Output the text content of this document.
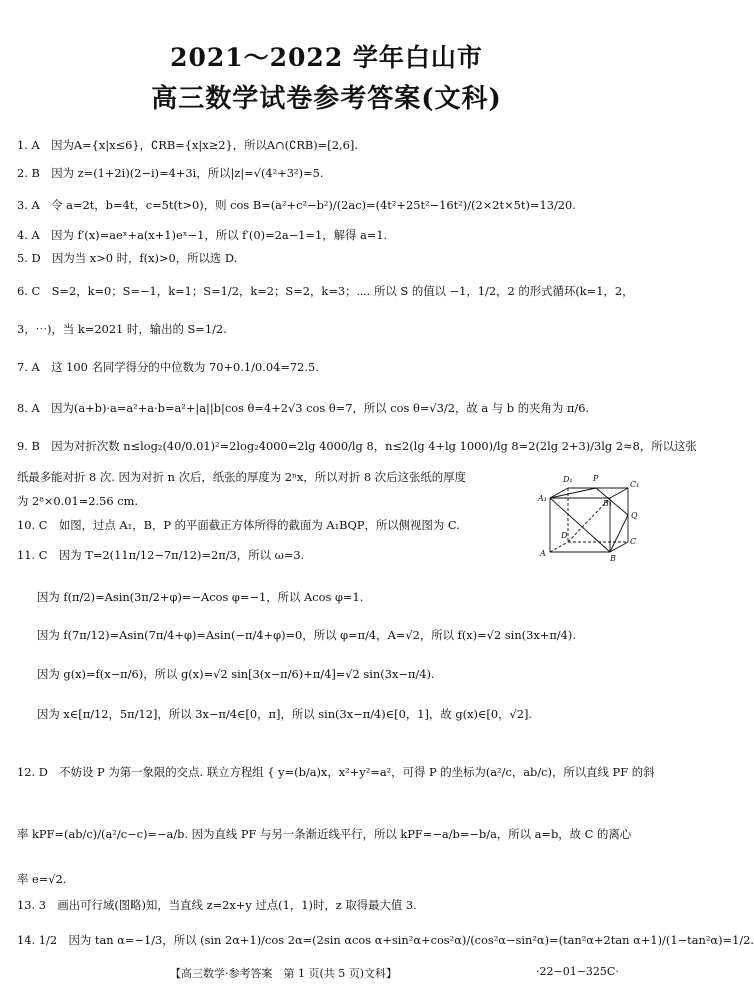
2021～2022 学年白山市
高三数学试卷参考答案(文科)
1. A　因为A={x|x≤6}，∁RB={x|x≥2}，所以A∩(∁RB)=[2,6].
2. B　因为 z=(1+2i)(2−i)=4+3i，所以|z|=√(4²+3²)=5.
3. A　令 a=2t，b=4t，c=5t(t>0)，则 cos B=(a²+c²−b²)/(2ac)=(4t²+25t²−16t²)/(2×2t×5t)=13/20.
4. A　因为 f′(x)=aeˣ+a(x+1)eˣ−1，所以 f′(0)=2a−1=1，解得 a=1.
5. D　因为当 x>0 时，f(x)>0，所以选 D.
6. C　S=2，k=0；S=−1，k=1；S=1/2，k=2；S=2，k=3；⋯. 所以 S 的值以 −1，1/2，2 的形式循环(k=1，2，
3，⋯)，当 k=2021 时，输出的 S=1/2.
7. A　这 100 名同学得分的中位数为 70+0.1/0.04=72.5.
8. A　因为(a+b)·a=a²+a·b=a²+|a||b|cos θ=4+2√3 cos θ=7，所以 cos θ=√3/2，故 a 与 b 的夹角为 π/6.
9. B　因为对折次数 n≤log₂(40/0.01)²=2log₂4000=2lg 4000/lg 8，n≤2(lg 4+lg 1000)/lg 8=2(2lg 2+3)/3lg 2≈8，所以这张
纸最多能对折 8 次. 因为对折 n 次后，纸张的厚度为 2ⁿx，所以对折 8 次后这张纸的厚度
为 2⁸×0.01=2.56 cm.
10. C　如图，过点 A₁，B，P 的平面截正方体所得的截面为 A₁BQP，所以侧视图为 C.
11. C　因为 T=2(11π/12−7π/12)=2π/3，所以 ω=3.
因为 f(π/2)=Asin(3π/2+φ)=−Acos φ=−1，所以 Acos φ=1.
因为 f(7π/12)=Asin(7π/4+φ)=Asin(−π/4+φ)=0，所以 φ=π/4，A=√2，所以 f(x)=√2 sin(3x+π/4).
因为 g(x)=f(x−π/6)，所以 g(x)=√2 sin[3(x−π/6)+π/4]=√2 sin(3x−π/4).
因为 x∈[π/12，5π/12]，所以 3x−π/4∈[0，π]，所以 sin(3x−π/4)∈[0，1]，故 g(x)∈[0，√2].
12. D　不妨设 P 为第一象限的交点. 联立方程组 { y=(b/a)x，x²+y²=a²，可得 P 的坐标为(a²/c，ab/c)，所以直线 PF 的斜
率 kPF=(ab/c)/(a²/c−c)=−a/b. 因为直线 PF 与另一条渐近线平行，所以 kPF=−a/b=−b/a，所以 a=b，故 C 的离心
率 e=√2.
13. 3　画出可行域(图略)知，当直线 z=2x+y 过点(1，1)时，z 取得最大值 3.
14. 1/2　因为 tan α=−1/3，所以 (sin 2α+1)/cos 2α=(2sin αcos α+sin²α+cos²α)/(cos²α−sin²α)=(tan²α+2tan α+1)/(1−tan²α)=1/2.
D₁	P
C₁
A₁
B₁
Q
D
C
A
B
【高三数学·参考答案　第 1 页(共 5 页)文科】	·22−01−325C·
